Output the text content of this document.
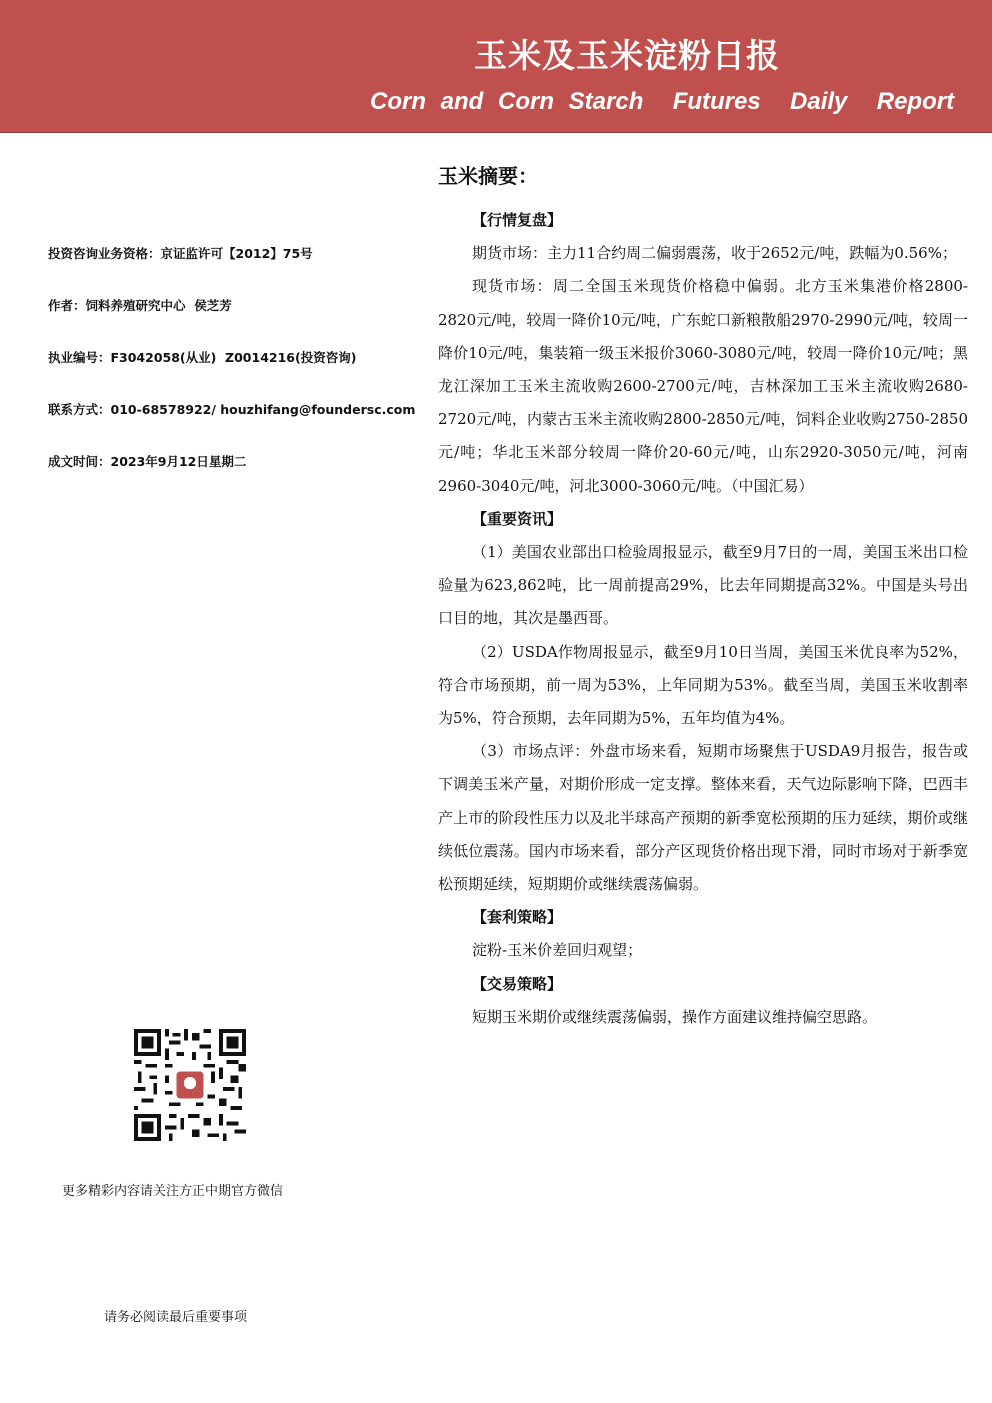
玉米及玉米淀粉日报
Corn and Corn Starch  Futures  Daily  Report
投资咨询业务资格：京证监许可【2012】75号
作者：饲料养殖研究中心  侯芝芳
执业编号：F3042058(从业)  Z0014216(投资咨询)
联系方式：010-68578922/ houzhifang@foundersc.com
成文时间：2023年9月12日星期二
更多精彩内容请关注方正中期官方微信
请务必阅读最后重要事项
玉米摘要：
【行情复盘】

期货市场：主力11合约周二偏弱震荡，收于2652元/吨，跌幅为0.56%；

现货市场：周二全国玉米现货价格稳中偏弱。北方玉米集港价格2800-2820元/吨，较周一降价10元/吨，广东蛇口新粮散船2970-2990元/吨，较周一降价10元/吨，集装箱一级玉米报价3060-3080元/吨，较周一降价10元/吨；黑龙江深加工玉米主流收购2600-2700元/吨，吉林深加工玉米主流收购2680-2720元/吨，内蒙古玉米主流收购2800-2850元/吨，饲料企业收购2750-2850元/吨；华北玉米部分较周一降价20-60元/吨，山东2920-3050元/吨，河南2960-3040元/吨，河北3000-3060元/吨。（中国汇易）

【重要资讯】

（1）美国农业部出口检验周报显示，截至9月7日的一周，美国玉米出口检验量为623,862吨，比一周前提高29%，比去年同期提高32%。中国是头号出口目的地，其次是墨西哥。

（2）USDA作物周报显示，截至9月10日当周，美国玉米优良率为52%，符合市场预期，前一周为53%，上年同期为53%。截至当周，美国玉米收割率为5%，符合预期，去年同期为5%，五年均值为4%。

（3）市场点评：外盘市场来看，短期市场聚焦于USDA9月报告，报告或下调美玉米产量，对期价形成一定支撑。整体来看，天气边际影响下降，巴西丰产上市的阶段性压力以及北半球高产预期的新季宽松预期的压力延续，期价或继续低位震荡。国内市场来看，部分产区现货价格出现下滑，同时市场对于新季宽松预期延续，短期期价或继续震荡偏弱。

【套利策略】

淀粉-玉米价差回归观望；

【交易策略】

短期玉米期价或继续震荡偏弱，操作方面建议维持偏空思路。
